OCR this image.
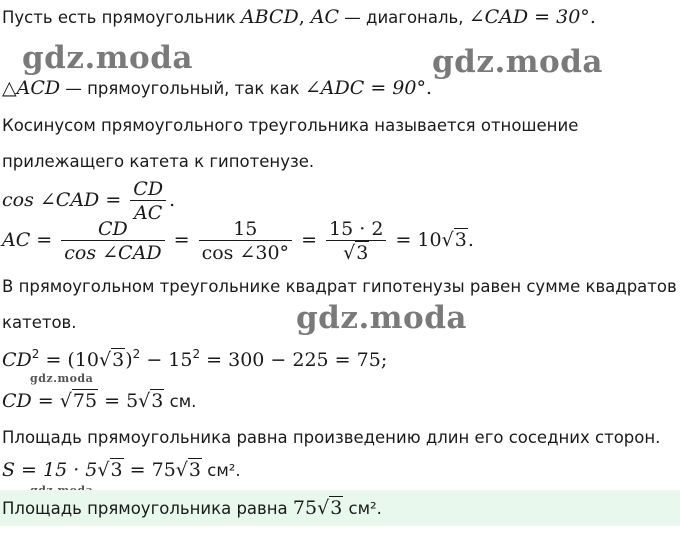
gdz.moda	gdz.moda
gdz.moda
gdz.moda
Пусть есть прямоугольник ABCD, AC — диагональ, ∠CAD = 30°.
△ACD — прямоугольный, так как ∠ADC = 90°.
Косинусом прямоугольного треугольника называется отношение
прилежащего катета к гипотенузе.
cos ∠CAD = $\frac{CD}{AC}$ .
AC = $\frac{CD}{\text{cos ∠CAD}} = \frac{15}{\cos \angle 30^\circ} = \frac{15 \cdot 2}{√3} = 10√3$.
В прямоугольном треугольнике квадрат гипотенузы равен сумме квадратов
катетов.
$CD^2 = (10√3)^2 - 15^2 = 300 - 225 = 75$;
CD = √75 = 5√3 см.
Площадь прямоугольника равна произведению длин его соседних сторон.
S = 15 · 5√3 = 75√3 см².
Площадь прямоугольника равна 75√3 см².
